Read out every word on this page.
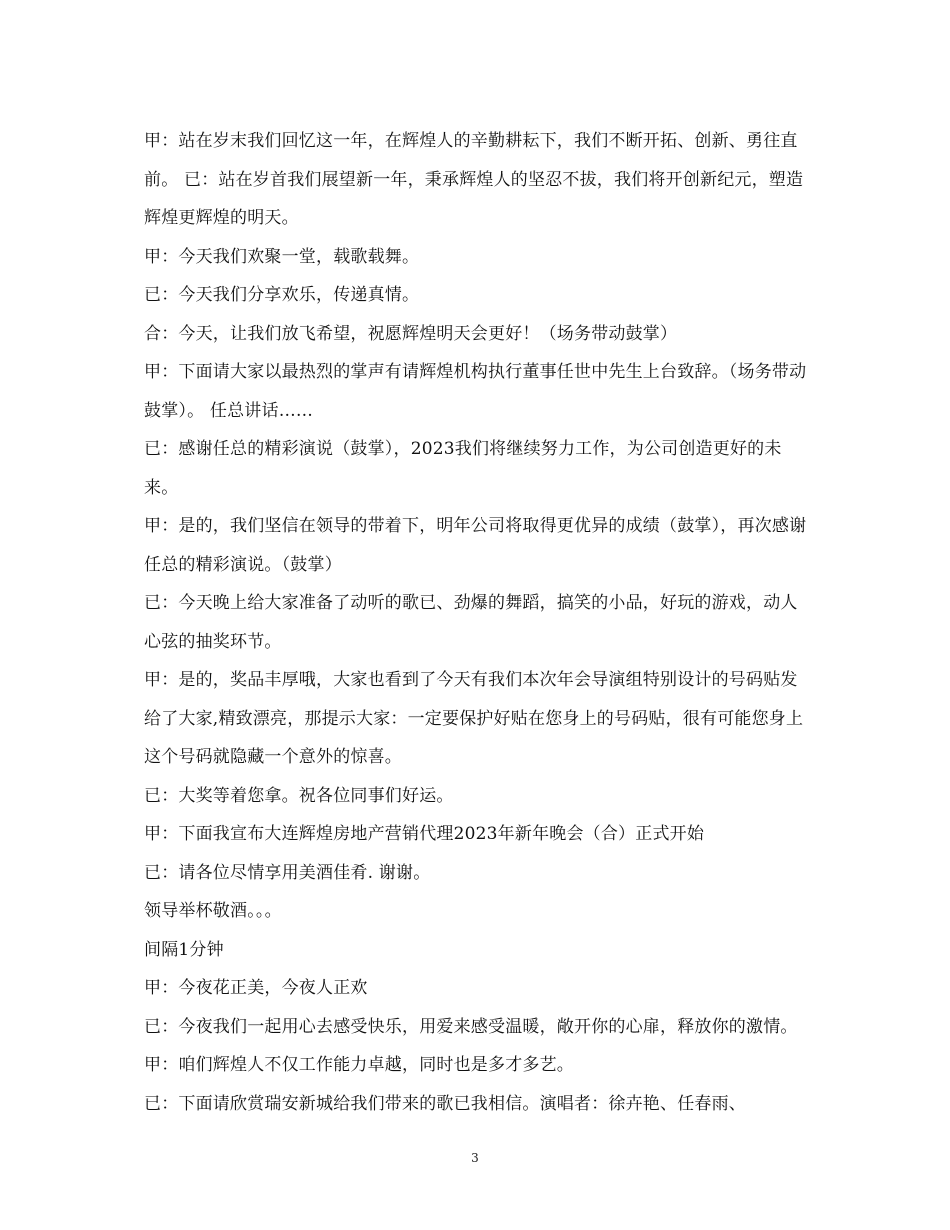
甲：站在岁末我们回忆这一年，在辉煌人的辛勤耕耘下，我们不断开拓、创新、勇往直前。 已：站在岁首我们展望新一年，秉承辉煌人的坚忍不拔，我们将开创新纪元，塑造辉煌更辉煌的明天。

甲：今天我们欢聚一堂，载歌载舞。

已：今天我们分享欢乐，传递真情。

合：今天，让我们放飞希望，祝愿辉煌明天会更好！（场务带动鼓掌）

甲：下面请大家以最热烈的掌声有请辉煌机构执行董事任世中先生上台致辞。（场务带动鼓掌）。 任总讲话……

已：感谢任总的精彩演说（鼓掌），2023我们将继续努力工作，为公司创造更好的未来。

甲：是的，我们坚信在领导的带着下，明年公司将取得更优异的成绩（鼓掌），再次感谢任总的精彩演说。（鼓掌）

已：今天晚上给大家准备了动听的歌已、劲爆的舞蹈，搞笑的小品，好玩的游戏，动人心弦的抽奖环节。

甲：是的，奖品丰厚哦，大家也看到了今天有我们本次年会导演组特别设计的号码贴发给了大家,精致漂亮，那提示大家：一定要保护好贴在您身上的号码贴，很有可能您身上这个号码就隐藏一个意外的惊喜。

已：大奖等着您拿。祝各位同事们好运。

甲：下面我宣布大连辉煌房地产营销代理2023年新年晚会（合）正式开始

已：请各位尽情享用美酒佳肴. 谢谢。

领导举杯敬酒。。。

间隔1分钟

甲：今夜花正美，今夜人正欢

已：今夜我们一起用心去感受快乐，用爱来感受温暖，敞开你的心扉，释放你的激情。

甲：咱们辉煌人不仅工作能力卓越，同时也是多才多艺。

已：下面请欣赏瑞安新城给我们带来的歌已我相信。演唱者：徐卉艳、任春雨、

3
